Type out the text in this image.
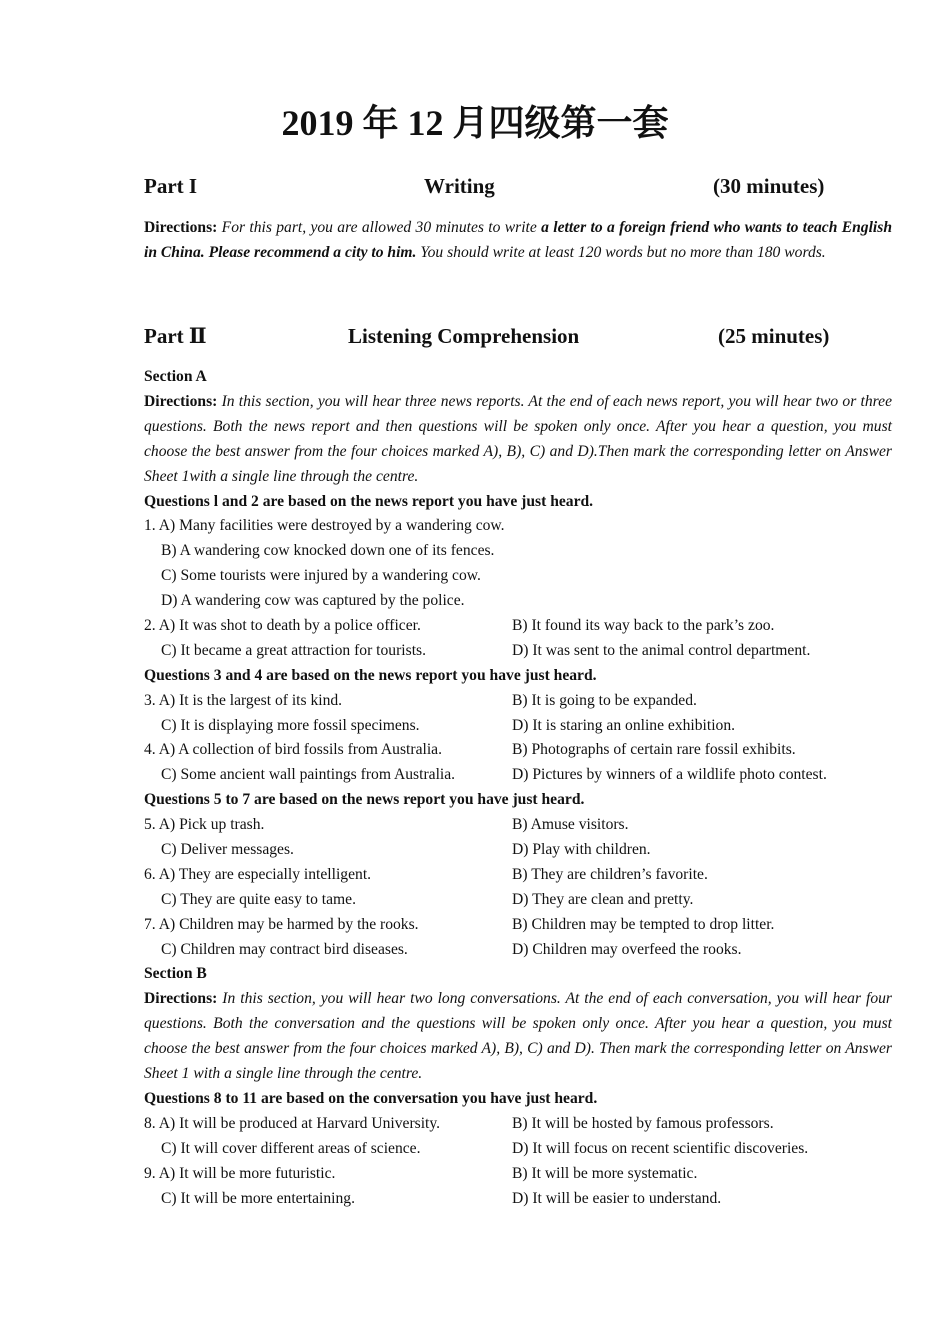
2019 年 12 月四级第一套
Part I	Writing	(30 minutes)
Directions: For this part, you are allowed 30 minutes to write a letter to a foreign friend who wants to teach English in China. Please recommend a city to him. You should write at least 120 words but no more than 180 words.
Part Ⅱ	Listening Comprehension	(25 minutes)
Section A
Directions: In this section, you will hear three news reports. At the end of each news report, you will hear two or three questions. Both the news report and then questions will be spoken only once. After you hear a question, you must choose the best answer from the four choices marked A), B), C) and D).Then mark the corresponding letter on Answer Sheet 1with a single line through the centre.
Questions l and 2 are based on the news report you have just heard.
1. A) Many facilities were destroyed by a wandering cow.
B) A wandering cow knocked down one of its fences.
C) Some tourists were injured by a wandering cow.
D) A wandering cow was captured by the police.
2. A) It was shot to death by a police officer.	B) It found its way back to the park’s zoo.
C) It became a great attraction for tourists.	D) It was sent to the animal control department.
Questions 3 and 4 are based on the news report you have just heard.
3. A) It is the largest of its kind.	B) It is going to be expanded.
C) It is displaying more fossil specimens.	D) It is staring an online exhibition.
4. A) A collection of bird fossils from Australia.	B) Photographs of certain rare fossil exhibits.
C) Some ancient wall paintings from Australia.	D) Pictures by winners of a wildlife photo contest.
Questions 5 to 7 are based on the news report you have just heard.
5. A) Pick up trash.	B) Amuse visitors.
C) Deliver messages.	D) Play with children.
6. A) They are especially intelligent.	B) They are children’s favorite.
C) They are quite easy to tame.	D) They are clean and pretty.
7. A) Children may be harmed by the rooks.	B) Children may be tempted to drop litter.
C) Children may contract bird diseases.	D) Children may overfeed the rooks.
Section B
Directions: In this section, you will hear two long conversations. At the end of each conversation, you will hear four questions. Both the conversation and the questions will be spoken only once. After you hear a question, you must choose the best answer from the four choices marked A), B), C) and D). Then mark the corresponding letter on Answer Sheet 1 with a single line through the centre.
Questions 8 to 11 are based on the conversation you have just heard.
8. A) It will be produced at Harvard University.	B) It will be hosted by famous professors.
C) It will cover different areas of science.	D) It will focus on recent scientific discoveries.
9. A) It will be more futuristic.	B) It will be more systematic.
C) It will be more entertaining.	D) It will be easier to understand.
